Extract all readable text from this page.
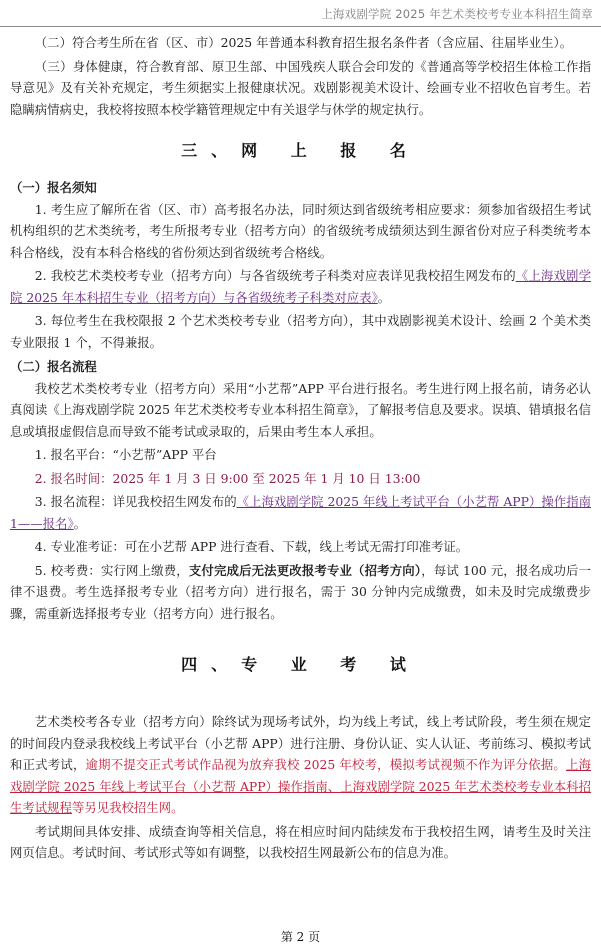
上海戏剧学院 2025 年艺术类校考专业本科招生简章

（二）符合考生所在省（区、市）2025 年普通本科教育招生报名条件者（含应届、往届毕业生）。

（三）身体健康，符合教育部、原卫生部、中国残疾人联合会印发的《普通高等学校招生体检工作指导意见》及有关补充规定，考生须据实上报健康状况。戏剧影视美术设计、绘画专业不招收色盲考生。若隐瞒病情病史，我校将按照本校学籍管理规定中有关退学与休学的规定执行。

三、网 上 报 名

（一）报名须知

1. 考生应了解所在省（区、市）高考报名办法，同时须达到省级统考相应要求：须参加省级招生考试机构组织的艺术类统考，考生所报考专业（招考方向）的省级统考成绩须达到生源省份对应子科类统考本科合格线，没有本科合格线的省份须达到省级统考合格线。

2. 我校艺术类校考专业（招考方向）与各省级统考子科类对应表详见我校招生网发布的《上海戏剧学院 2025 年本科招生专业（招考方向）与各省级统考子科类对应表》。

3. 每位考生在我校限报 2 个艺术类校考专业（招考方向），其中戏剧影视美术设计、绘画 2 个美术类专业限报 1 个，不得兼报。

（二）报名流程

我校艺术类校考专业（招考方向）采用“小艺帮”APP 平台进行报名。考生进行网上报名前，请务必认真阅读《上海戏剧学院 2025 年艺术类校考专业本科招生简章》，了解报考信息及要求。误填、错填报名信息或填报虚假信息而导致不能考试或录取的，后果由考生本人承担。

1. 报名平台：“小艺帮”APP 平台

2. 报名时间：2025 年 1 月 3 日 9:00 至 2025 年 1 月 10 日 13:00

3. 报名流程：详见我校招生网发布的《上海戏剧学院 2025 年线上考试平台（小艺帮 APP）操作指南 1——报名》。

4. 专业准考证：可在小艺帮 APP 进行查看、下载，线上考试无需打印准考证。

5. 校考费：实行网上缴费，支付完成后无法更改报考专业（招考方向），每试 100 元，报名成功后一律不退费。考生选择报考专业（招考方向）进行报名，需于 30 分钟内完成缴费，如未及时完成缴费步骤，需重新选择报考专业（招考方向）进行报名。

四、专 业 考 试

艺术类校考各专业（招考方向）除终试为现场考试外，均为线上考试，线上考试阶段，考生须在规定的时间段内登录我校线上考试平台（小艺帮 APP）进行注册、身份认证、实人认证、考前练习、模拟考试和正式考试，逾期不提交正式考试作品视为放弃我校 2025 年校考，模拟考试视频不作为评分依据。上海戏剧学院 2025 年线上考试平台（小艺帮 APP）操作指南、上海戏剧学院 2025 年艺术类校考专业本科招生考试规程等另见我校招生网。

考试期间具体安排、成绩查询等相关信息，将在相应时间内陆续发布于我校招生网，请考生及时关注网页信息。考试时间、考试形式等如有调整，以我校招生网最新公布的信息为准。

第 2 页
